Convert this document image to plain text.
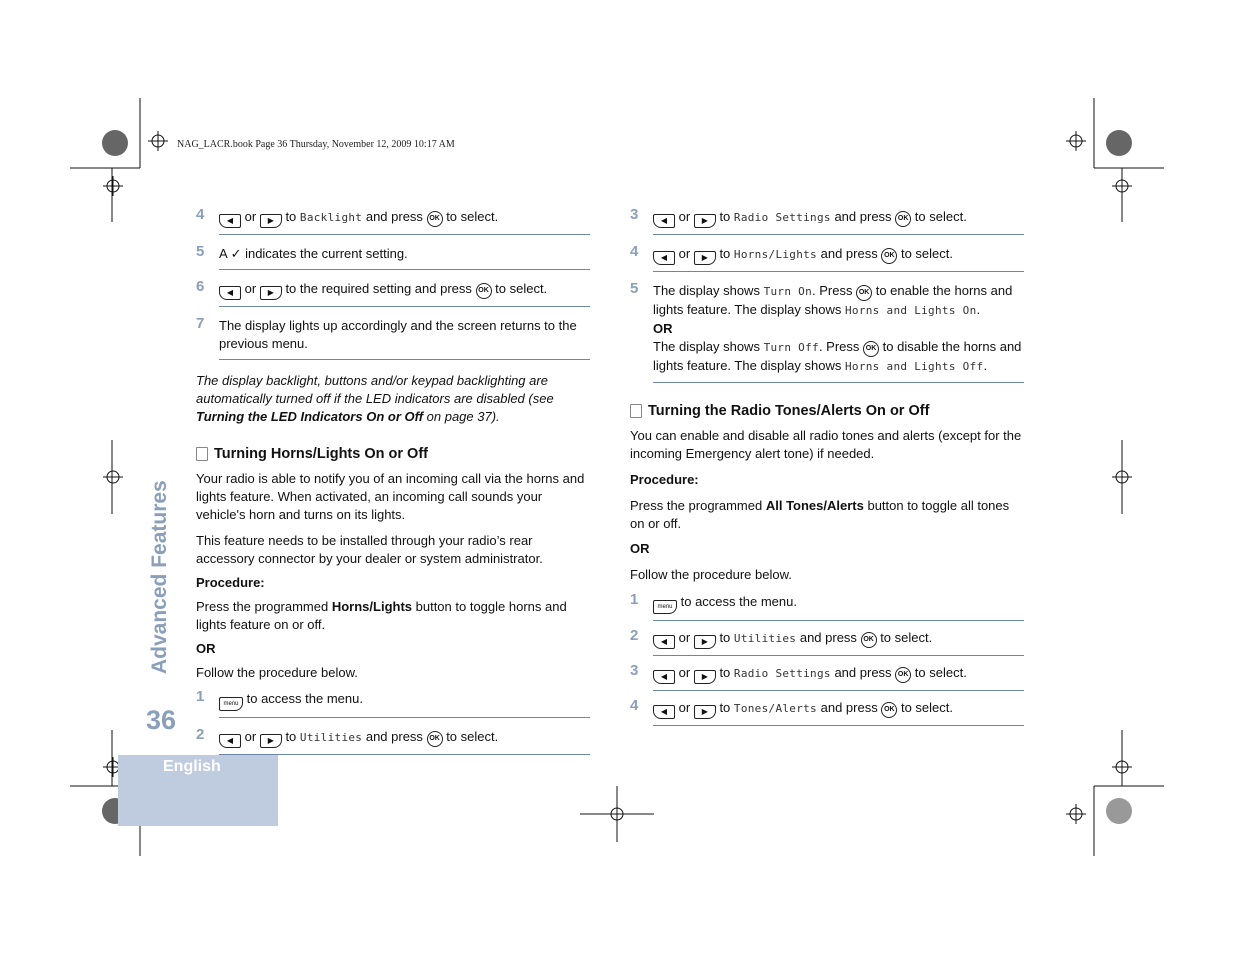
NAG_LACR.book Page 36 Thursday, November 12, 2009 10:17 AM
4	◀ or ▶ to Backlight and press OK to select.
5 A ✓ indicates the current setting.
6	◀ or ▶ to the required setting and press OK to select.
7 The display lights up accordingly and the screen returns to the previous menu.

The display backlight, buttons and/or keypad backlighting are automatically turned off if the LED indicators are disabled (see Turning the LED Indicators On or Off on page 37).

Turning Horns/Lights On or Off

Your radio is able to notify you of an incoming call via the horns and lights feature. When activated, an incoming call sounds your vehicle's horn and turns on its lights.

This feature needs to be installed through your radio’s rear accessory connector by your dealer or system administrator.

Procedure:

Press the programmed Horns/Lights button to toggle horns and lights feature on or off.

OR

Follow the procedure below.

1	menu to access the menu.
2	◀ or ▶ to Utilities and press OK to select.
3	◀ or ▶ to Radio Settings and press OK to select.
4	◀ or ▶ to Horns/Lights and press OK to select.
5 The display shows Turn On. Press OK to enable the horns and lights feature. The display shows Horns and Lights On.
OR
The display shows Turn Off. Press OK to disable the horns and lights feature. The display shows Horns and Lights Off.
Turning the Radio Tones/Alerts On or Off

You can enable and disable all radio tones and alerts (except for the incoming Emergency alert tone) if needed.

Procedure:

Press the programmed All Tones/Alerts button to toggle all tones on or off.

OR

Follow the procedure below.

1	menu to access the menu.
2	◀ or ▶ to Utilities and press OK to select.
3	◀ or ▶ to Radio Settings and press OK to select.
4	◀ or ▶ to Tones/Alerts and press OK to select.
Advanced Features
36
English
